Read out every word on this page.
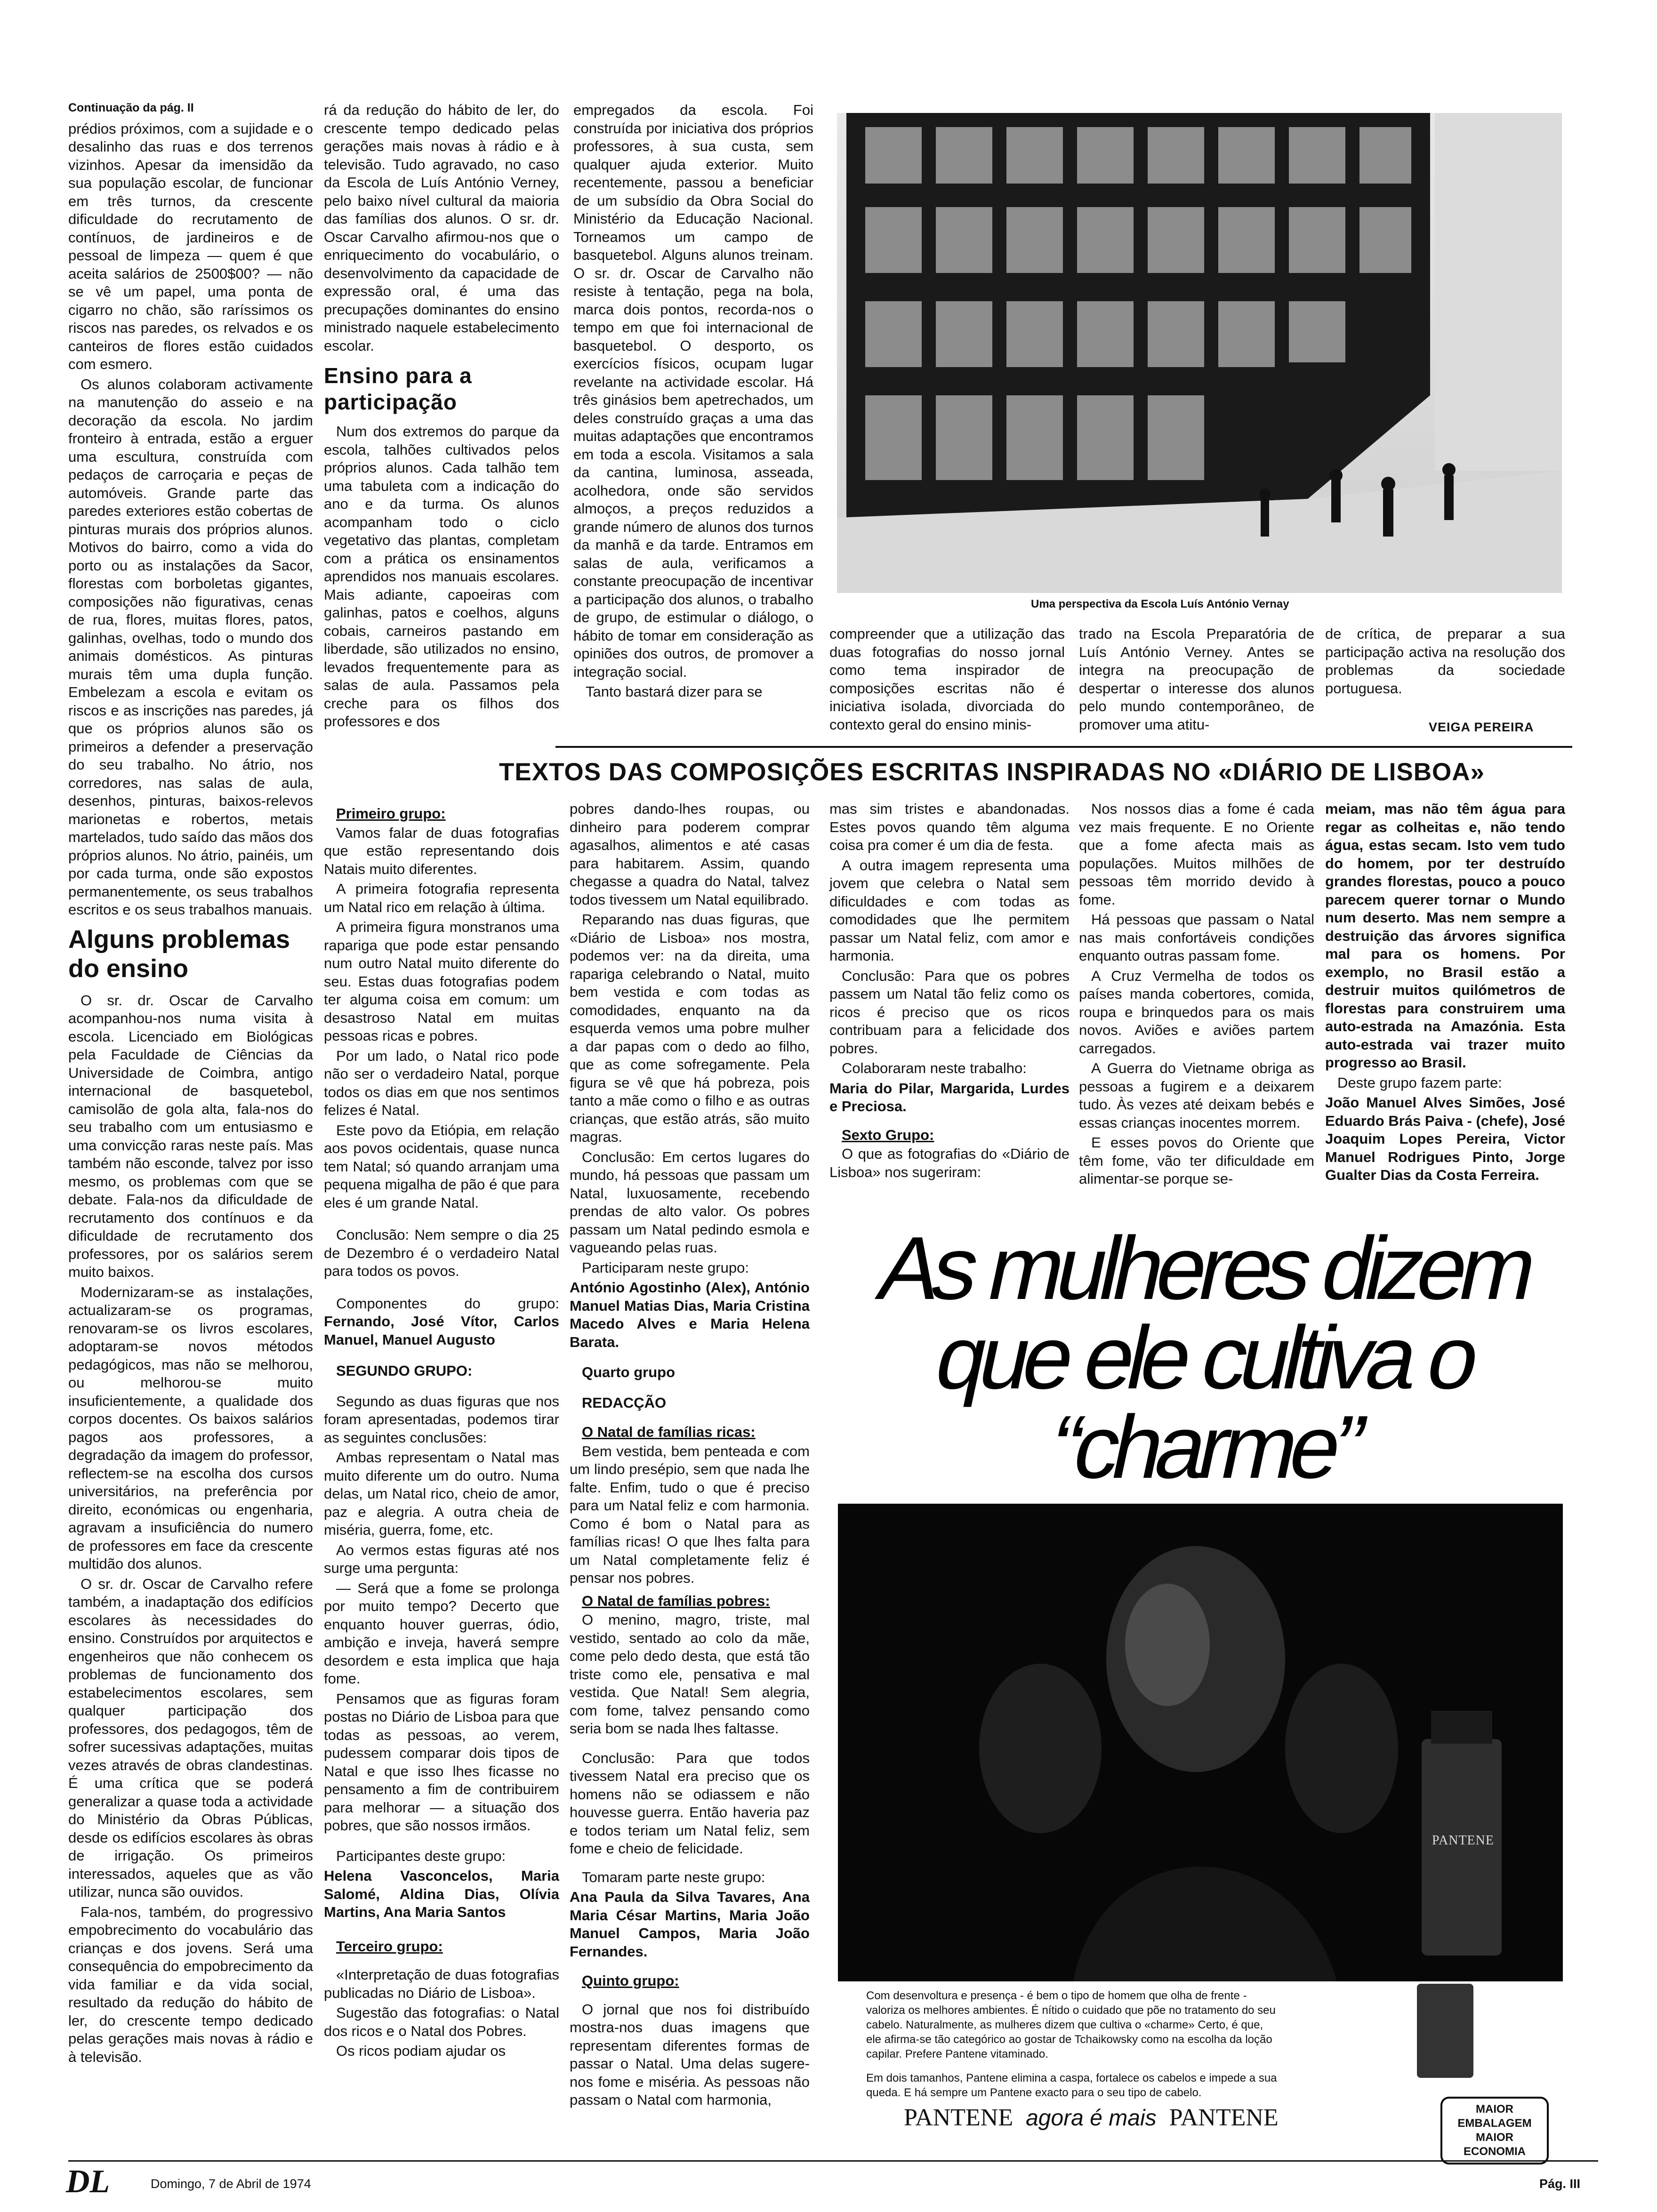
Continuação da pág. II

prédios próximos, com a sujidade e o desalinho das ruas e dos terrenos vizinhos. Apesar da imensidão da sua população escolar, de funcionar em três turnos, da crescente dificuldade do recrutamento de contínuos, de jardineiros e de pessoal de limpeza — quem é que aceita salários de 2500$00? — não se vê um papel, uma ponta de cigarro no chão, são raríssimos os riscos nas paredes, os relvados e os canteiros de flores estão cuidados com esmero.

Os alunos colaboram activamente na manutenção do asseio e na decoração da escola. No jardim fronteiro à entrada, estão a erguer uma escultura, construída com pedaços de carroçaria e peças de automóveis. Grande parte das paredes exteriores estão cobertas de pinturas murais dos próprios alunos. Motivos do bairro, como a vida do porto ou as instalações da Sacor, florestas com borboletas gigantes, composições não figurativas, cenas de rua, flores, muitas flores, patos, galinhas, ovelhas, todo o mundo dos animais domésticos. As pinturas murais têm uma dupla função. Embelezam a escola e evitam os riscos e as inscrições nas paredes, já que os próprios alunos são os primeiros a defender a preservação do seu trabalho. No átrio, nos corredores, nas salas de aula, desenhos, pinturas, baixos-relevos marionetas e robertos, metais martelados, tudo saído das mãos dos próprios alunos. No átrio, painéis, um por cada turma, onde são expostos permanentemente, os seus trabalhos escritos e os seus trabalhos manuais.

Alguns problemas do ensino

O sr. dr. Oscar de Carvalho acompanhou-nos numa visita à escola. Licenciado em Biológicas pela Faculdade de Ciências da Universidade de Coimbra, antigo internacional de basquetebol, camisolão de gola alta, fala-nos do seu trabalho com um entusiasmo e uma convicção raras neste país. Mas também não esconde, talvez por isso mesmo, os problemas com que se debate. Fala-nos da dificuldade de recrutamento dos contínuos e da dificuldade de recrutamento dos professores, por os salários serem muito baixos.

Modernizaram-se as instalações, actualizaram-se os programas, renovaram-se os livros escolares, adoptaram-se novos métodos pedagógicos, mas não se melhorou, ou melhorou-se muito insuficientemente, a qualidade dos corpos docentes. Os baixos salários pagos aos professores, a degradação da imagem do professor, reflectem-se na escolha dos cursos universitários, na preferência por direito, económicas ou engenharia, agravam a insuficiência do numero de professores em face da crescente multidão dos alunos.

O sr. dr. Oscar de Carvalho refere também, a inadaptação dos edifícios escolares às necessidades do ensino. Construídos por arquitectos e engenheiros que não conhecem os problemas de funcionamento dos estabelecimentos escolares, sem qualquer participação dos professores, dos pedagogos, têm de sofrer sucessivas adaptações, muitas vezes através de obras clandestinas. É uma crítica que se poderá generalizar a quase toda a actividade do Ministério da Obras Públicas, desde os edifícios escolares às obras de irrigação. Os primeiros interessados, aqueles que as vão utilizar, nunca são ouvidos.

Fala-nos, também, do progressivo empobrecimento do vocabulário das crianças e dos jovens. Será uma consequência do empobrecimento da vida familiar e da vida social, resultado da redução do hábito de ler, do crescente tempo dedicado pelas gerações mais novas à rádio e à televisão.

rá da redução do hábito de ler, do crescente tempo dedicado pelas gerações mais novas à rádio e à televisão. Tudo agravado, no caso da Escola de Luís António Verney, pelo baixo nível cultural da maioria das famílias dos alunos. O sr. dr. Oscar Carvalho afirmou-nos que o enriquecimento do vocabulário, o desenvolvimento da capacidade de expressão oral, é uma das precupações dominantes do ensino ministrado naquele estabelecimento escolar.

Ensino para a participação

Num dos extremos do parque da escola, talhões cultivados pelos próprios alunos. Cada talhão tem uma tabuleta com a indicação do ano e da turma. Os alunos acompanham todo o ciclo vegetativo das plantas, completam com a prática os ensinamentos aprendidos nos manuais escolares. Mais adiante, capoeiras com galinhas, patos e coelhos, alguns cobais, carneiros pastando em liberdade, são utilizados no ensino, levados frequentemente para as salas de aula. Passamos pela creche para os filhos dos professores e dos

empregados da escola. Foi construída por iniciativa dos próprios professores, à sua custa, sem qualquer ajuda exterior. Muito recentemente, passou a beneficiar de um subsídio da Obra Social do Ministério da Educação Nacional. Torneamos um campo de basquetebol. Alguns alunos treinam. O sr. dr. Oscar de Carvalho não resiste à tentação, pega na bola, marca dois pontos, recorda-nos o tempo em que foi internacional de basquetebol. O desporto, os exercícios físicos, ocupam lugar revelante na actividade escolar. Há três ginásios bem apetrechados, um deles construído graças a uma das muitas adaptações que encontramos em toda a escola. Visitamos a sala da cantina, luminosa, asseada, acolhedora, onde são servidos almoços, a preços reduzidos a grande número de alunos dos turnos da manhã e da tarde. Entramos em salas de aula, verificamos a constante preocupação de incentivar a participação dos alunos, o trabalho de grupo, de estimular o diálogo, o hábito de tomar em consideração as opiniões dos outros, de promover a integração social.

Tanto bastará dizer para se

Uma perspectiva da Escola Luís António Vernay

compreender que a utilização das duas fotografias do nosso jornal como tema inspirador de composições escritas não é iniciativa isolada, divorciada do contexto geral do ensino minis-

trado na Escola Preparatória de Luís António Verney. Antes se integra na preocupação de despertar o interesse dos alunos pelo mundo contemporâneo, de promover uma atitu-

de crítica, de preparar a sua participação activa na resolução dos problemas da sociedade portuguesa.

VEIGA PEREIRA
TEXTOS DAS COMPOSIÇÕES ESCRITAS INSPIRADAS NO «DIÁRIO DE LISBOA»
Primeiro grupo:

Vamos falar de duas fotografias que estão representando dois Natais muito diferentes.

A primeira fotografia representa um Natal rico em relação à última.

A primeira figura monstranos uma rapariga que pode estar pensando num outro Natal muito diferente do seu. Estas duas fotografias podem ter alguma coisa em comum: um desastroso Natal em muitas pessoas ricas e pobres.

Por um lado, o Natal rico pode não ser o verdadeiro Natal, porque todos os dias em que nos sentimos felizes é Natal.

Este povo da Etiópia, em relação aos povos ocidentais, quase nunca tem Natal; só quando arranjam uma pequena migalha de pão é que para eles é um grande Natal.

Conclusão: Nem sempre o dia 25 de Dezembro é o verdadeiro Natal para todos os povos.

Componentes do grupo: Fernando, José Vítor, Carlos Manuel, Manuel Augusto

SEGUNDO GRUPO:

Segundo as duas figuras que nos foram apresentadas, podemos tirar as seguintes conclusões:

Ambas representam o Natal mas muito diferente um do outro. Numa delas, um Natal rico, cheio de amor, paz e alegria. A outra cheia de miséria, guerra, fome, etc.

Ao vermos estas figuras até nos surge uma pergunta:

— Será que a fome se prolonga por muito tempo? Decerto que enquanto houver guerras, ódio, ambição e inveja, haverá sempre desordem e esta implica que haja fome.

Pensamos que as figuras foram postas no Diário de Lisboa para que todas as pessoas, ao verem, pudessem comparar dois tipos de Natal e que isso lhes ficasse no pensamento a fim de contribuirem para melhorar — a situação dos pobres, que são nossos irmãos.

Participantes deste grupo:

Helena Vasconcelos, Maria Salomé, Aldina Dias, Olívia Martins, Ana Maria Santos

Terceiro grupo:

«Interpretação de duas fotografias publicadas no Diário de Lisboa».

Sugestão das fotografias: o Natal dos ricos e o Natal dos Pobres.

Os ricos podiam ajudar os

pobres dando-lhes roupas, ou dinheiro para poderem comprar agasalhos, alimentos e até casas para habitarem. Assim, quando chegasse a quadra do Natal, talvez todos tivessem um Natal equilibrado.

Reparando nas duas figuras, que «Diário de Lisboa» nos mostra, podemos ver: na da direita, uma rapariga celebrando o Natal, muito bem vestida e com todas as comodidades, enquanto na da esquerda vemos uma pobre mulher a dar papas com o dedo ao filho, que as come sofregamente. Pela figura se vê que há pobreza, pois tanto a mãe como o filho e as outras crianças, que estão atrás, são muito magras.

Conclusão: Em certos lugares do mundo, há pessoas que passam um Natal, luxuosamente, recebendo prendas de alto valor. Os pobres passam um Natal pedindo esmola e vagueando pelas ruas.

Participaram neste grupo:

António Agostinho (Alex), António Manuel Matias Dias, Maria Cristina Macedo Alves e Maria Helena Barata.

Quarto grupo
REDACÇÃO
O Natal de famílias ricas:

Bem vestida, bem penteada e com um lindo presépio, sem que nada lhe falte. Enfim, tudo o que é preciso para um Natal feliz e com harmonia. Como é bom o Natal para as famílias ricas! O que lhes falta para um Natal completamente feliz é pensar nos pobres.

O Natal de famílias pobres:

O menino, magro, triste, mal vestido, sentado ao colo da mãe, come pelo dedo desta, que está tão triste como ele, pensativa e mal vestida. Que Natal! Sem alegria, com fome, talvez pensando como seria bom se nada lhes faltasse.

Conclusão: Para que todos tivessem Natal era preciso que os homens não se odiassem e não houvesse guerra. Então haveria paz e todos teriam um Natal feliz, sem fome e cheio de felicidade.

Tomaram parte neste grupo:

Ana Paula da Silva Tavares, Ana Maria César Martins, Maria João Manuel Campos, Maria João Fernandes.

Quinto grupo:

O jornal que nos foi distribuído mostra-nos duas imagens que representam diferentes formas de passar o Natal. Uma delas sugere-nos fome e miséria. As pessoas não passam o Natal com harmonia,

mas sim tristes e abandonadas. Estes povos quando têm alguma coisa pra comer é um dia de festa.

A outra imagem representa uma jovem que celebra o Natal sem dificuldades e com todas as comodidades que lhe permitem passar um Natal feliz, com amor e harmonia.

Conclusão: Para que os pobres passem um Natal tão feliz como os ricos é preciso que os ricos contribuam para a felicidade dos pobres.

Colaboraram neste trabalho:

Maria do Pilar, Margarida, Lurdes e Preciosa.

Sexto Grupo:

O que as fotografias do «Diário de Lisboa» nos sugeriram:

Nos nossos dias a fome é cada vez mais frequente. E no Oriente que a fome afecta mais as populações. Muitos milhões de pessoas têm morrido devido à fome.

Há pessoas que passam o Natal nas mais confortáveis condições enquanto outras passam fome.

A Cruz Vermelha de todos os países manda cobertores, comida, roupa e brinquedos para os mais novos. Aviões e aviões partem carregados.

A Guerra do Vietname obriga as pessoas a fugirem e a deixarem tudo. Às vezes até deixam bebés e essas crianças inocentes morrem.

E esses povos do Oriente que têm fome, vão ter dificuldade em alimentar-se porque se-

meiam, mas não têm água para regar as colheitas e, não tendo água, estas secam. Isto vem tudo do homem, por ter destruído grandes florestas, pouco a pouco parecem querer tornar o Mundo num deserto. Mas nem sempre a destruição das árvores significa mal para os homens. Por exemplo, no Brasil estão a destruir muitos quilómetros de florestas para construirem uma auto-estrada na Amazónia. Esta auto-estrada vai trazer muito progresso ao Brasil.

Deste grupo fazem parte:

João Manuel Alves Simões, José Eduardo Brás Paiva - (chefe), José Joaquim Lopes Pereira, Victor Manuel Rodrigues Pinto, Jorge Gualter Dias da Costa Ferreira.

As mulheres dizem
que ele cultiva o
“charme”
PANTENE

Com desenvoltura e presença - é bem o tipo de homem que olha de frente - valoriza os melhores ambientes. É nítido o cuidado que põe no tratamento do seu cabelo. Naturalmente, as mulheres dizem que cultiva o «charme» Certo, é que, ele afirma-se tão categórico ao gostar de Tchaikowsky como na escolha da loção capilar. Prefere Pantene vitaminado.

Em dois tamanhos, Pantene elimina a caspa, fortalece os cabelos e impede a sua queda. E há sempre um Pantene exacto para o seu tipo de cabelo.

MAIOR EMBALAGEM MAIOR ECONOMIA
PANTENE agora é mais PANTENE
DL	Domingo, 7 de Abril de 1974	Pág. III
